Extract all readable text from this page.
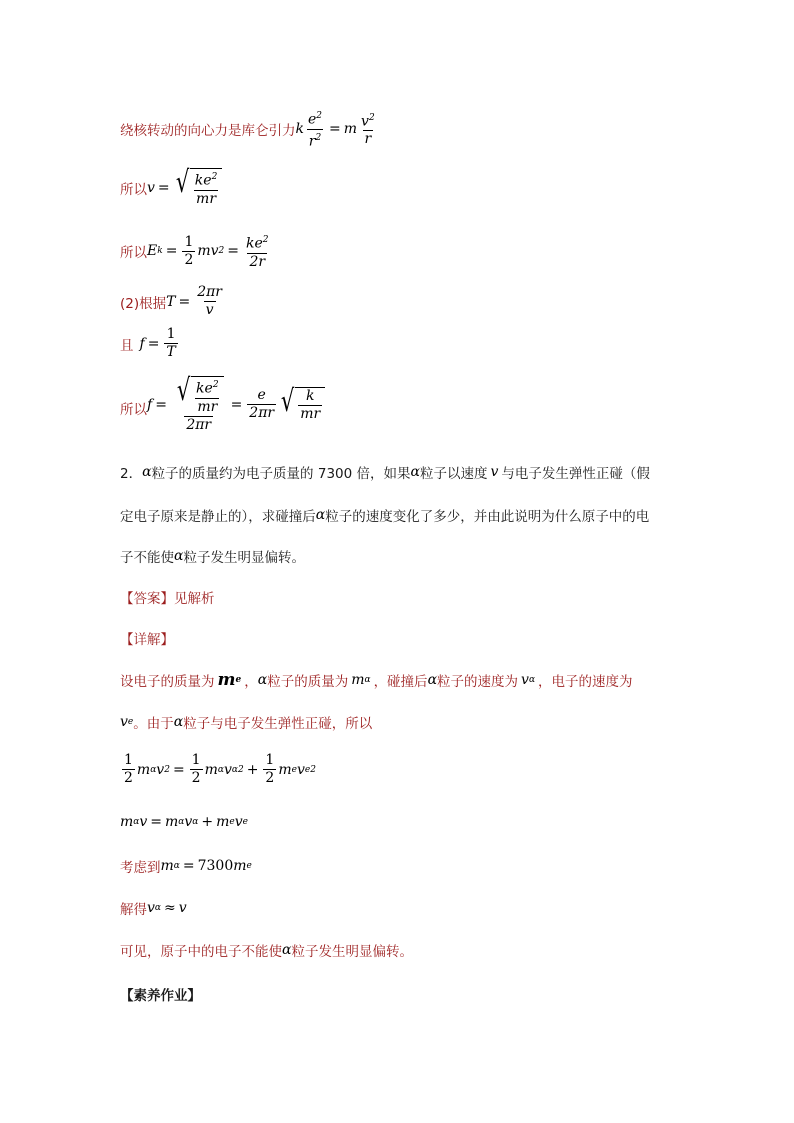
绕核转动的向心力是库仑引力 k $\frac{e^2}{r^2} = m \frac{v^2}{r}$
所以 v = √ $\frac{ke^2}{mr}$
所以 E $k = \frac{1}{2}$ mv $2 = \frac{ke^2}{2r}$
(2)根据 $T = \frac{2\pi r}{v}$
且 $f = \frac{1}{T}$
所以 $f = \frac{√ \frac{ke^2}{mr}}{2\pi r} = \frac{e}{2\pi r}$ √ $\frac{k}{mr}$
2． α 粒子的质量约为电子质量的 7300 倍，如果 α 粒子以速度 v 与电子发生弹性正碰（假
定电子原来是静止的），求碰撞后 α 粒子的速度变化了多少，并由此说明为什么原子中的电
子不能使 α 粒子发生明显偏转。
【答案】见解析
【详解】
设电子的质量为 m e ， α 粒子的质量为 m α ，碰撞后 α 粒子的速度为 v α ，电子的速度为
v e 。由于 α 粒子与电子发生弹性正碰，所以
$\frac{1}{2}$ m α v $2 = \frac{1}{2}$ m α v α $2 + \frac{1}{2}$ m e v e 2
m α v = m α v α + m e v e
考虑到 m α = 7300 m e
解得 v α ≈ v
可见，原子中的电子不能使 α 粒子发生明显偏转。
【素养作业】
